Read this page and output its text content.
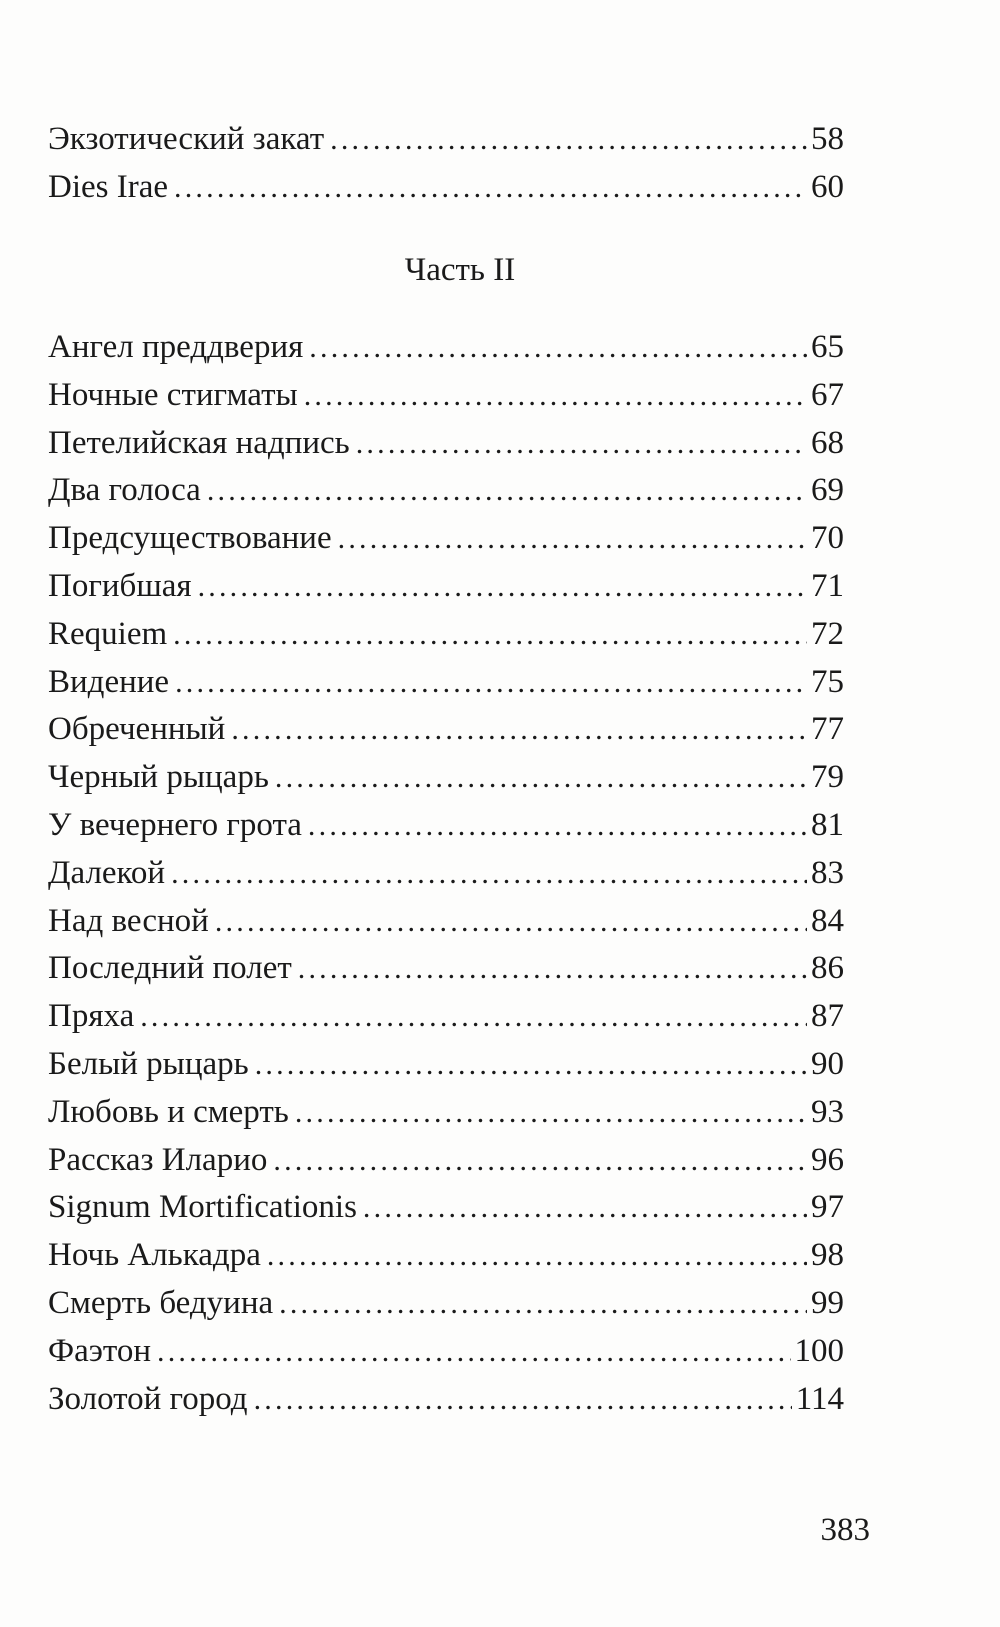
Экзотический закат .....	58
Dies Irae .....	60
Часть II
Ангел преддверия .....	65
Ночные стигматы .....	67
Петелийская надпись .....	68
Два голоса .....	69
Предсуществование .....	70
Погибшая .....	71
Requiem .....	72
Видение .....	75
Обреченный .....	77
Черный рыцарь .....	79
У вечернего грота .....	81
Далекой .....	83
Над весной .....	84
Последний полет .....	86
Пряха .....	87
Белый рыцарь .....	90
Любовь и смерть .....	93
Рассказ Иларио .....	96
Signum Mortificationis .....	97
Ночь Алькадра .....	98
Смерть бедуина .....	99
Фаэтон .....	100
Золотой город .....	114
383
